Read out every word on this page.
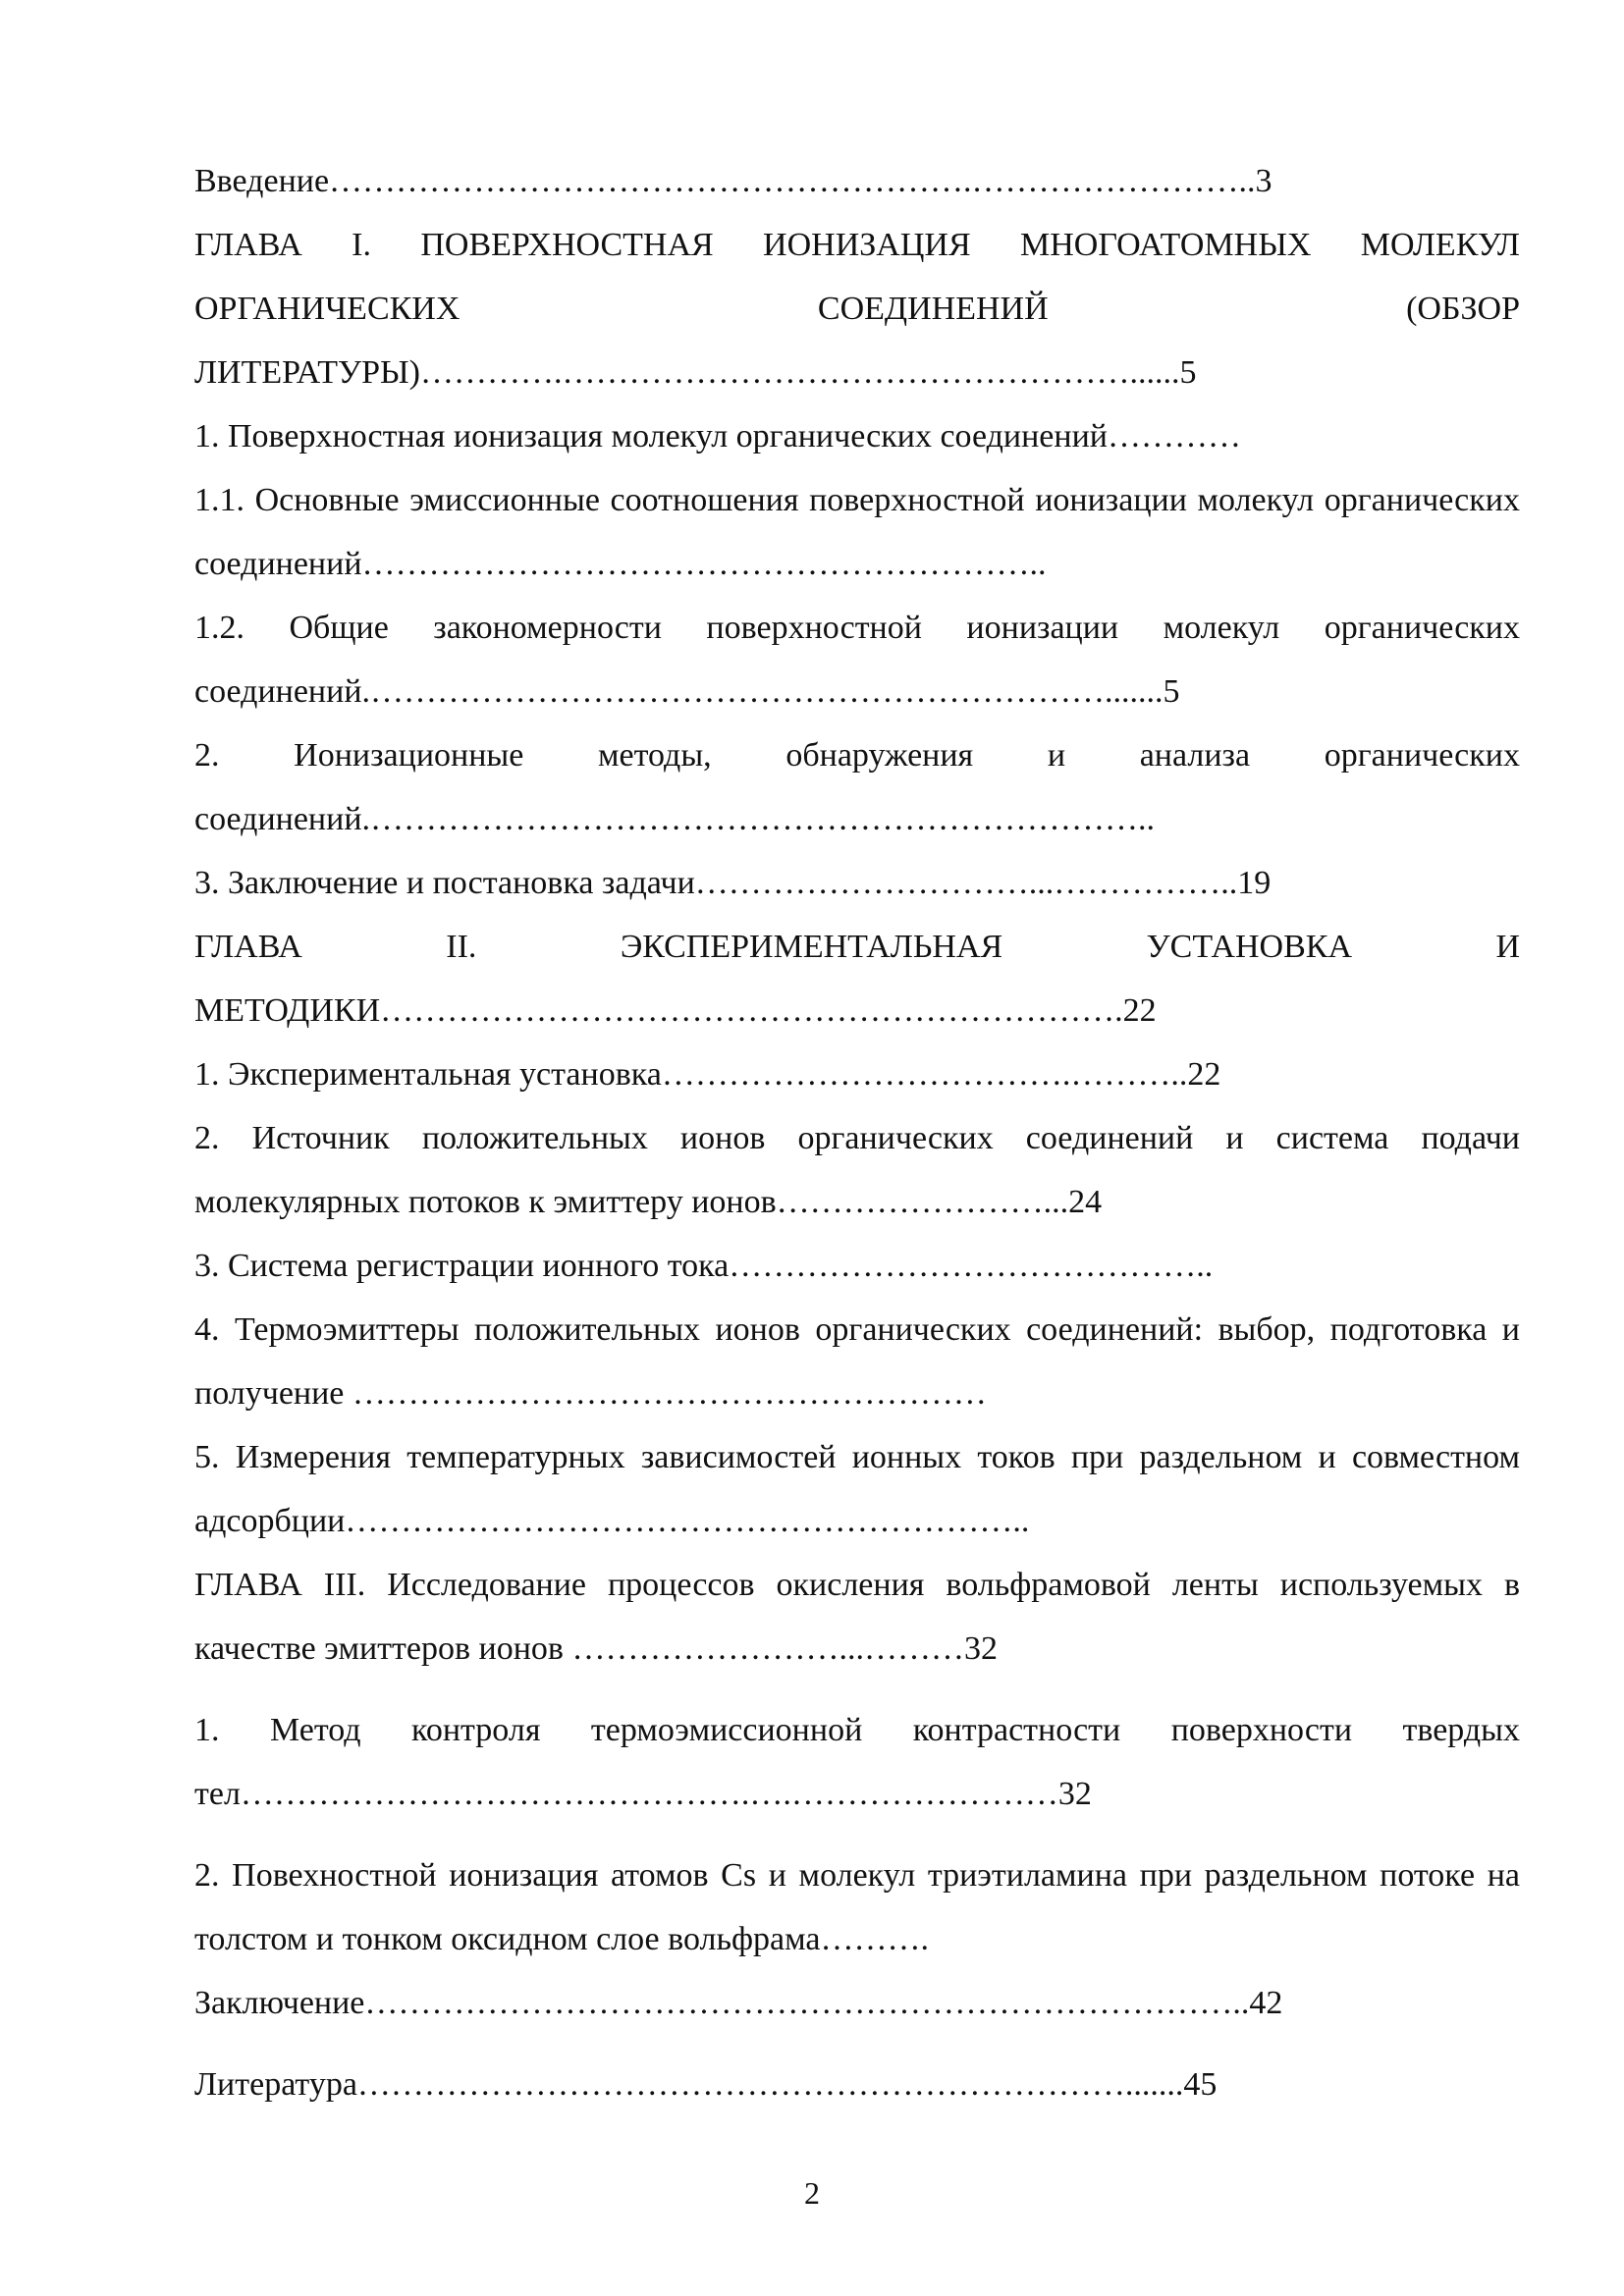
Введение………………………………………………….……………………..3

ГЛАВА I. ПОВЕРХНОСТНАЯ ИОНИЗАЦИЯ МНОГОАТОМНЫХ МОЛЕКУЛ ОРГАНИЧЕСКИХ СОЕДИНЕНИЙ (ОБЗОР ЛИТЕРАТУРЫ)………….……………………………………………......5

1. Поверхностная ионизация молекул органических соединений…………

1.1. Основные эмиссионные соотношения поверхностной ионизации молекул органических соединений……………………………………………………..

1.2. Общие закономерности поверхностной ионизации молекул органических соединений.………………………………………………………….......5

2. Ионизационные методы, обнаружения и анализа органических соединений.……………………………………………………………..

3. Заключение и постановка задачи…………………………...……………..19

ГЛАВА II. ЭКСПЕРИМЕНТАЛЬНАЯ УСТАНОВКА И МЕТОДИКИ………………………………………………………….22

1. Экспериментальная установка……………………………….………..22

2. Источник положительных ионов органических соединений и система подачи молекулярных потоков к эмиттеру ионов……………………...24

3. Система регистрации ионного тока……………………………………..

4. Термоэмиттеры положительных ионов органических соединений: выбор, подготовка и получение …………………………………………………

5. Измерения температурных зависимостей ионных токов при раздельном и совместном адсорбции……………………………………………………..

ГЛАВА III. Исследование процессов окисления вольфрамовой ленты используемых в качестве эмиттеров ионов ……………………...………32

1. Метод контроля термоэмиссионной контрастности поверхности твердых тел……………………………………….….……………………32

2. Повехностной ионизация атомов Cs и молекул триэтиламина при раздельном потоке на толстом и тонком оксидном слое вольфрама……….

Заключение……………………………………………………………………..42

Литература…………………………………………………………….......45

2
